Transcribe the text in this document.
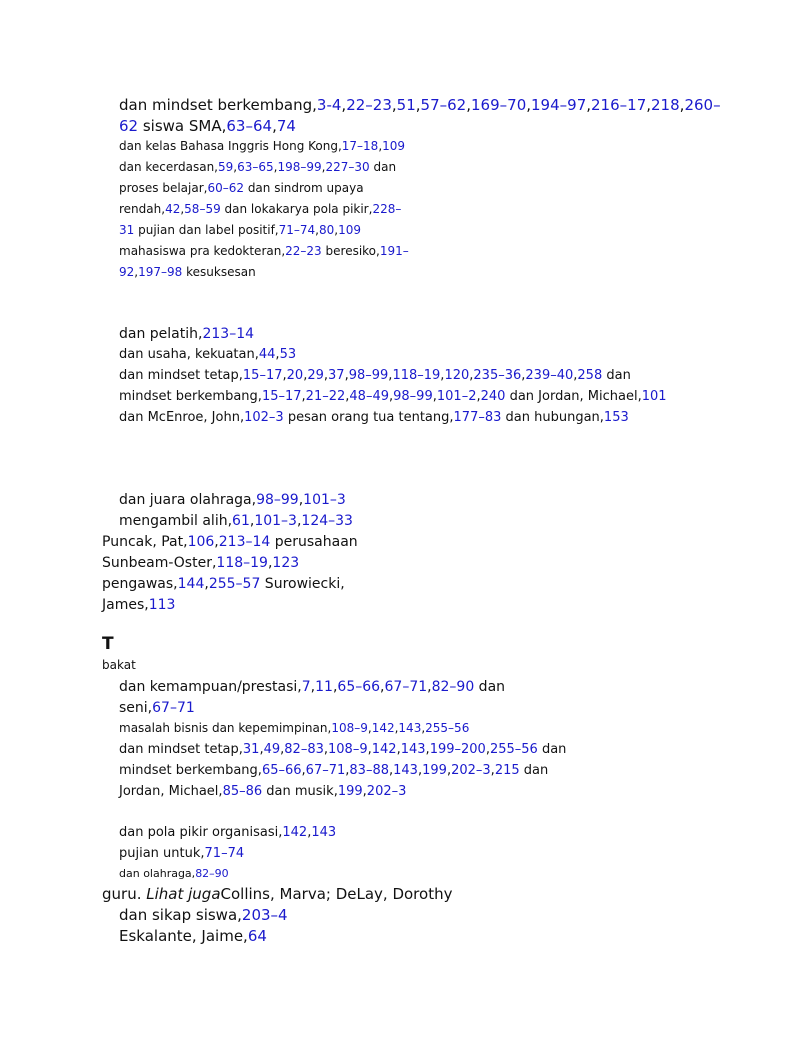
dan mindset berkembang,3-4,22–23,51,57–62,169–70,194–97,216–17,218,260–
62 siswa SMA,63–64,74
dan kelas Bahasa Inggris Hong Kong,17–18,109
dan kecerdasan,59,63–65,198–99,227–30 dan
proses belajar,60–62 dan sindrom upaya
rendah,42,58–59 dan lokakarya pola pikir,228–
31 pujian dan label positif,71–74,80,109
mahasiswa pra kedokteran,22–23 beresiko,191–
92,197–98 kesuksesan
dan pelatih,213–14
dan usaha, kekuatan,44,53
dan mindset tetap,15–17,20,29,37,98–99,118–19,120,235–36,239–40,258 dan
mindset berkembang,15–17,21–22,48–49,98–99,101–2,240 dan Jordan, Michael,101
dan McEnroe, John,102–3 pesan orang tua tentang,177–83 dan hubungan,153
dan juara olahraga,98–99,101–3
mengambil alih,61,101–3,124–33
Puncak, Pat,106,213–14 perusahaan
Sunbeam-Oster,118–19,123
pengawas,144,255–57 Surowiecki,
James,113
bakat
dan kemampuan/prestasi,7,11,65–66,67–71,82–90 dan
seni,67–71
masalah bisnis dan kepemimpinan,108–9,142,143,255–56
dan mindset tetap,31,49,82–83,108–9,142,143,199–200,255–56 dan
mindset berkembang,65–66,67–71,83–88,143,199,202–3,215 dan
Jordan, Michael,85–86 dan musik,199,202–3
dan pola pikir organisasi,142,143
pujian untuk,71–74
dan olahraga,82–90
guru. Lihat jugaCollins, Marva; DeLay, Dorothy
dan sikap siswa,203–4
Eskalante, Jaime,64
T
